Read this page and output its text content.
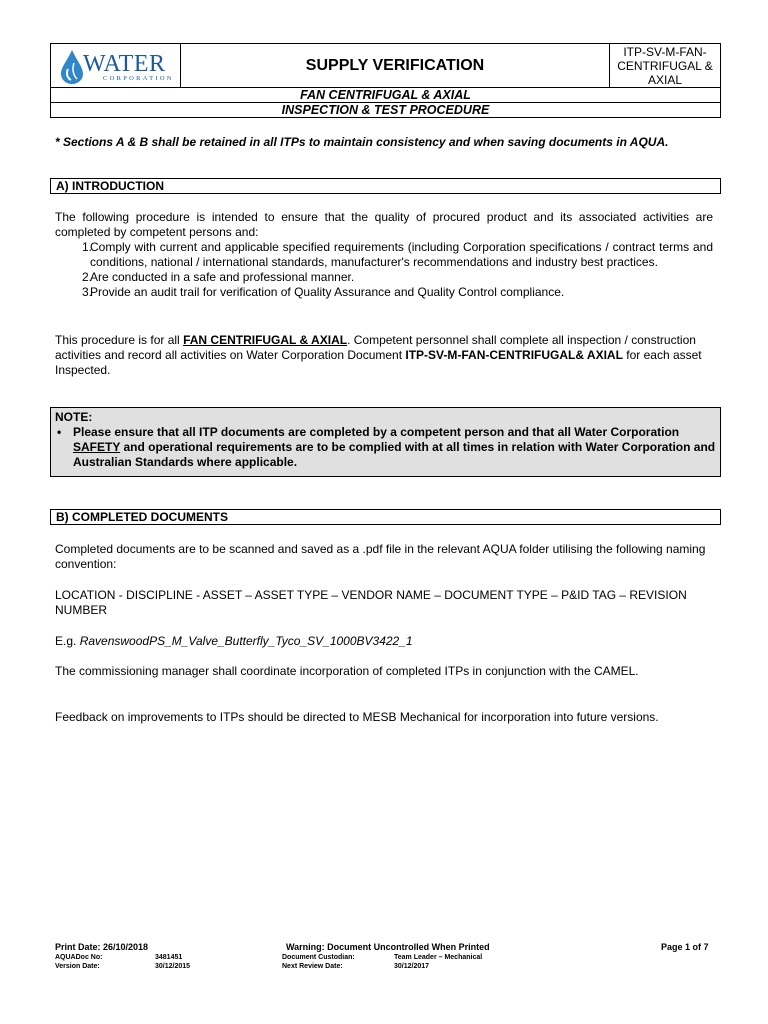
WATER
CORPORATION
SUPPLY VERIFICATION
ITP-SV-M-FAN-CENTRIFUGAL & AXIAL
FAN CENTRIFUGAL & AXIAL
INSPECTION & TEST PROCEDURE
* Sections A & B shall be retained in all ITPs to maintain consistency and when saving documents in AQUA.
A) INTRODUCTION
The following procedure is intended to ensure that the quality of procured product and its associated activities are completed by competent persons and:
1.
Comply with current and applicable specified requirements (including Corporation specifications / contract terms and conditions, national / international standards, manufacturer's recommendations and industry best practices.
2.
Are conducted in a safe and professional manner.
3.
Provide an audit trail for verification of Quality Assurance and Quality Control compliance.
This procedure is for all FAN CENTRIFUGAL & AXIAL. Competent personnel shall complete all inspection / construction activities and record all activities on Water Corporation Document ITP-SV-M-FAN-CENTRIFUGAL& AXIAL for each asset Inspected.
NOTE:
• Please ensure that all ITP documents are completed by a competent person and that all Water Corporation SAFETY and operational requirements are to be complied with at all times in relation with Water Corporation and Australian Standards where applicable.
B) COMPLETED DOCUMENTS
Completed documents are to be scanned and saved as a .pdf file in the relevant AQUA folder utilising the following naming convention:
LOCATION - DISCIPLINE - ASSET – ASSET TYPE – VENDOR NAME – DOCUMENT TYPE – P&ID TAG – REVISION NUMBER
E.g. RavenswoodPS_M_Valve_Butterfly_Tyco_SV_1000BV3422_1
The commissioning manager shall coordinate incorporation of completed ITPs in conjunction with the CAMEL.
Feedback on improvements to ITPs should be directed to MESB Mechanical for incorporation into future versions.
Print Date: 26/10/2018	Warning: Document Uncontrolled When Printed	Page 1 of 7
AQUADoc No:	3481451	Document Custodian:	Team Leader – Mechanical
Version Date:	30/12/2015	Next Review Date:	30/12/2017
